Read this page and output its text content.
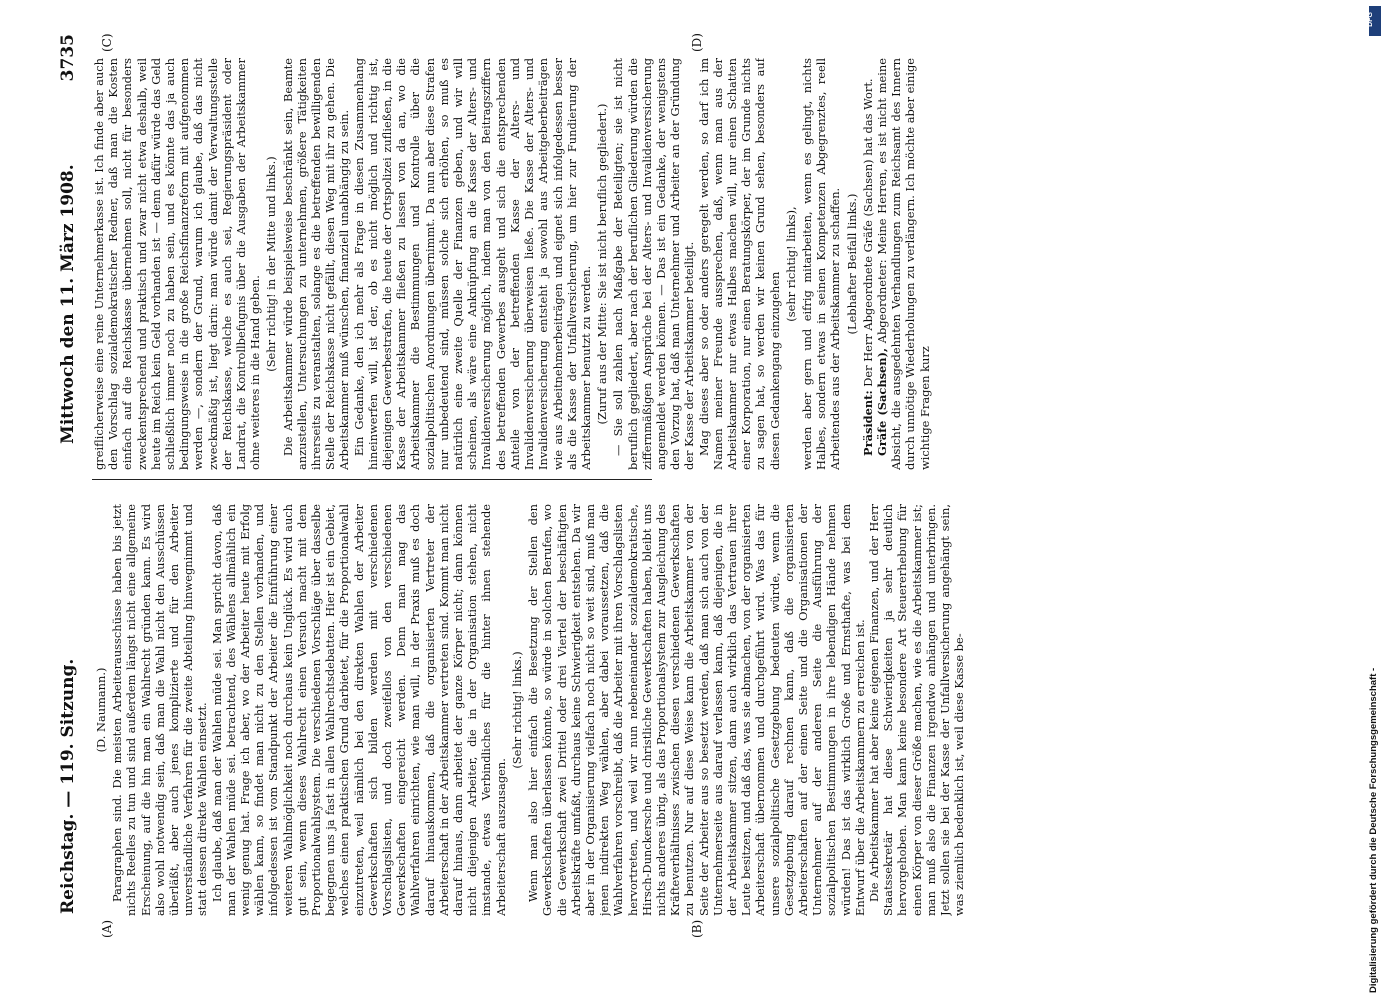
Reichstag. — 119. Sitzung.
Mittwoch den 11. März 1908.
3735
(A)	(B)
(C)	(D)
(D. Naumann.) Paragraphen sind. Die meisten Arbeiterausschüsse haben bis jetzt nichts Reelles zu tun und sind außerdem längst nicht eine allgemeine Erscheinung, auf die hin man ein Wahlrecht gründen kann. Es wird also wohl notwendig sein, daß man die Wahl nicht den Ausschüssen überläßt, aber auch jenes komplizierte und für den Arbeiter unverständliche Verfahren für die zweite Abteilung hinwegnimmt und statt dessen direkte Wahlen einsetzt. Ich glaube, daß man der Wahlen müde sei. Man spricht davon, daß man der Wahlen müde sei. betrachtend, des Wählens allmählich ein wenig genug hat. Frage ich aber, wo der Arbeiter heute mit Erfolg wählen kann, so findet man nicht zu den Stellen vorhanden, und infolgedessen ist vom Standpunkt der Arbeiter die Einführung einer weiteren Wahlmöglichkeit noch durchaus kein Unglück. Es wird auch gut sein, wenn dieses Wahlrecht einen Versuch macht mit dem Proportionalwahlsystem. Die verschiedenen Vorschläge über dasselbe begegnen uns ja fast in allen Wahlrechtsdebatten. Hier ist ein Gebiet, welches einen praktischen Grund darbietet, für die Proportionalwahl einzutreten, weil nämlich bei den direkten Wahlen der Arbeiter Gewerkschaften sich bilden werden mit verschiedenen Vorschlagslisten, und doch zweifellos von den verschiedenen Gewerkschaften eingereicht werden. Denn man mag das Wahlverfahren einrichten, wie man will, in der Praxis muß es doch darauf hinauskommen, daß die organisierten Vertreter der Arbeiterschaft in der Arbeitskammer vertreten sind. Kommt man nicht darauf hinaus, dann arbeitet der ganze Körper nicht; dann können nicht diejenigen Arbeiter, die in der Organisation stehen, nicht imstande, etwas Verbindliches für die hinter ihnen stehende Arbeiterschaft auszusagen.

(Sehr richtig! links.) Wenn man also hier einfach die Besetzung der Stellen den Gewerkschaften überlassen könnte, so würde in solchen Berufen, wo die Gewerkschaft zwei Drittel oder drei Viertel der beschäftigten Arbeitskräfte umfaßt, durchaus keine Schwierigkeit entstehen. Da wir aber in der Organisierung vielfach noch nicht so weit sind, muß man jenen indirekten Weg wählen, aber dabei voraussetzen, daß die Wahlverfahren vorschreibt, daß die Arbeiter mit ihren Vorschlagslisten hervortreten, und weil wir nun nebeneinander sozialdemokratische, Hirsch-Dunckersche und christliche Gewerkschaften haben, bleibt uns nichts anderes übrig, als das Proportionalsystem zur Ausgleichung des Kräfteverhältnisses zwischen diesen verschiedenen Gewerkschaften zu benutzen. Nur auf diese Weise kann die Arbeitskammer von der Seite der Arbeiter aus so besetzt werden, daß man sich auch von der Unternehmerseite aus darauf verlassen kann, daß diejenigen, die in der Arbeitskammer sitzen, dann auch wirklich das Vertrauen ihrer Leute besitzen, und daß das, was sie abmachen, von der organisierten Arbeiterschaft übernommen und durchgeführt wird. Was das für unsere sozialpolitische Gesetzgebung bedeuten würde, wenn die Gesetzgebung darauf rechnen kann, daß die organisierten Arbeiterschaften auf der einen Seite und die Organisationen der Unternehmer auf der anderen Seite die Ausführung der sozialpolitischen Bestimmungen in ihre lebendigen Hände nehmen würden! Das ist das wirklich Große und Ernsthafte, was bei dem Entwurf über die Arbeitskammern zu erreichen ist. Die Arbeitskammer hat aber keine eigenen Finanzen, und der Herr Staatssekretär hat diese Schwierigkeiten ja sehr deutlich hervorgehoben. Man kann keine besondere Art Steuererhebung für einen Körper von dieser Größe machen, wie es die Arbeitskammer ist; man muß also die Finanzen irgendwo anhängen und unterbringen. Jetzt sollen sie bei der Kasse der Unfallversicherung angehängt sein, was ziemlich bedenklich ist, weil diese Kasse be-

greiflicherweise eine reine Unternehmerkasse ist. Ich finde aber auch den Vorschlag sozialdemokratischer Redner, daß man die Kosten einfach auf die Reichskasse übernehmen soll, nicht für besonders zweckentsprechend und praktisch und zwar nicht etwa deshalb, weil heute im Reich kein Geld vorhanden ist — denn dafür würde das Geld schließlich immer noch zu haben sein, und es könnte das ja auch bedingungsweise in die große Reichsfinanzreform mit aufgenommen werden —, sondern der Grund, warum ich glaube, daß das nicht zweckmäßig ist, liegt darin: man würde damit der Verwaltungsstelle der Reichskasse, welche es auch sei, Regierungspräsident oder Landrat, die Kontrollbefugnis über die Ausgaben der Arbeitskammer ohne weiteres in die Hand geben.

(Sehr richtig! in der Mitte und links.) Die Arbeitskammer würde beispielsweise beschränkt sein, Beamte anzustellen, Untersuchungen zu unternehmen, größere Tätigkeiten ihrerseits zu veranstalten, solange es die betreffenden bewilligenden Stelle der Reichskasse nicht gefällt, diesen Weg mit ihr zu gehen. Die Arbeitskammer muß wünschen, finanziell unabhängig zu sein. Ein Gedanke, den ich mehr als Frage in diesen Zusammenhang hineinwerfen will, ist der, ob es nicht möglich und richtig ist, diejenigen Gewerbestrafen, die heute der Ortspolizei zufließen, in die Kasse der Arbeitskammer fließen zu lassen von da an, wo die Arbeitskammer die Bestimmungen und Kontrolle über die sozialpolitischen Anordnungen übernimmt. Da nun aber diese Strafen nur unbedeutend sind, müssen solche sich erhöhen, so muß es natürlich eine zweite Quelle der Finanzen geben, und wir will scheinen, als wäre eine Anknüpfung an die Kasse der Alters- und Invalidenversicherung möglich, indem man von den Beitragsziffern des betreffenden Gewerbes ausgeht und sich die entsprechenden Anteile von der betreffenden Kasse der Alters- und Invalidenversicherung überweisen ließe. Die Kasse der Alters- und Invalidenversicherung entsteht ja sowohl aus Arbeitgeberbeiträgen wie aus Arbeitnehmerbeiträgen und eignet sich infolgedessen besser als die Kasse der Unfallversicherung, um hier zur Fundierung der Arbeitskammer benutzt zu werden. (Zuruf aus der Mitte: Sie ist nicht beruflich gegliedert.) — Sie soll zahlen nach Maßgabe der Beteiligten; sie ist nicht beruflich gegliedert, aber nach der beruflichen Gliederung würden die ziffernmäßigen Ansprüche bei der Alters- und Invalidenversicherung angemeldet werden können. — Das ist ein Gedanke, der wenigstens den Vorzug hat, daß man Unternehmer und Arbeiter an der Gründung der Kasse der Arbeitskammer beteiligt. Mag dieses aber so oder anders geregelt werden, so darf ich im Namen meiner Freunde aussprechen, daß, wenn man aus der Arbeitskammer nur etwas Halbes machen will, nur einen Schatten einer Korporation, nur einen Beratungskörper, der im Grunde nichts zu sagen hat, so werden wir keinen Grund sehen, besonders auf diesen Gedankengang einzugehen

(sehr richtig! links), werden aber gern und eifrig mitarbeiten, wenn es gelingt, nichts Halbes, sondern etwas in seinen Kompetenzen Abgegrenztes, reell Arbeitendes aus der Arbeitskammer zu schaffen. (Lebhafter Beifall links.)

Präsident: Der Herr Abgeordnete Gräfe (Sachsen) hat das Wort.

Gräfe (Sachsen), Abgeordneter: Meine Herren, es ist nicht meine Absicht, die ausgedehnten Verhandlungen zum Reichsamt des Innern durch unnötige Wiederholungen zu verlängern. Ich möchte aber einige wichtige Fragen kurz

DFG
Digitalisierung gefördert durch die Deutsche Forschungsgemeinschaft -
